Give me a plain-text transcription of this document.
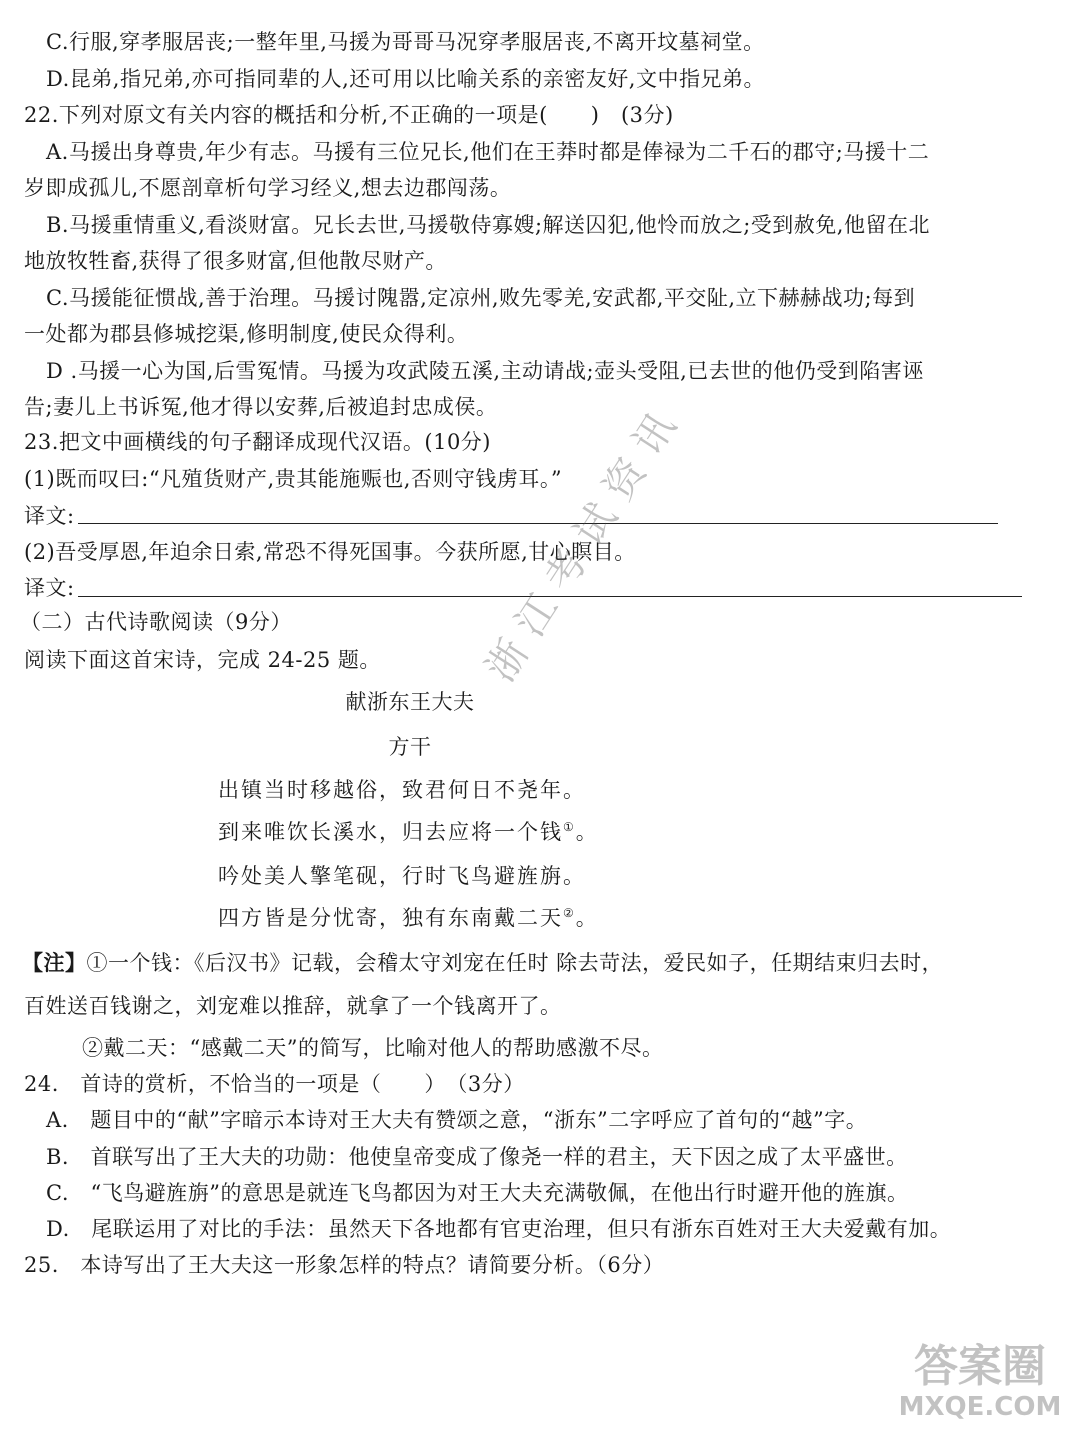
C.行服,穿孝服居丧;一整年里,马援为哥哥马况穿孝服居丧,不离开坟墓祠堂。
D.昆弟,指兄弟,亦可指同辈的人,还可用以比喻关系的亲密友好,文中指兄弟。
22.下列对原文有关内容的概括和分析,不正确的一项是(　　)　(3分)
A.马援出身尊贵,年少有志。马援有三位兄长,他们在王莽时都是俸禄为二千石的郡守;马援十二
岁即成孤儿,不愿剖章析句学习经义,想去边郡闯荡。
B.马援重情重义,看淡财富。兄长去世,马援敬侍寡嫂;解送囚犯,他怜而放之;受到赦免,他留在北
地放牧牲畜,获得了很多财富,但他散尽财产。
C.马援能征惯战,善于治理。马援讨隗嚣,定凉州,败先零羌,安武都,平交阯,立下赫赫战功;每到
一处都为郡县修城挖渠,修明制度,使民众得利。
D .马援一心为国,后雪冤情。马援为攻武陵五溪,主动请战;壶头受阻,已去世的他仍受到陷害诬
告;妻儿上书诉冤,他才得以安葬,后被追封忠成侯。
23.把文中画横线的句子翻译成现代汉语。(10分)
(1)既而叹曰:“凡殖货财产,贵其能施赈也,否则守钱虏耳。”
译文:
(2)吾受厚恩,年迫余日索,常恐不得死国事。今获所愿,甘心瞑目。
译文:
（二）古代诗歌阅读（9分）
阅读下面这首宋诗，完成 24-25 题。
献浙东王大夫
方干
出镇当时移越俗，致君何日不尧年。
到来唯饮长溪水，归去应将一个钱①。
吟处美人擎笔砚，行时飞鸟避旌旃。
四方皆是分忧寄，独有东南戴二天②。
【注】①一个钱：《后汉书》记载，会稽太守刘宠在任时 除去苛法，爱民如子，任期结束归去时，
百姓送百钱谢之，刘宠难以推辞，就拿了一个钱离开了。
②戴二天：“感戴二天”的简写，比喻对他人的帮助感激不尽。
24.　首诗的赏析，不恰当的一项是（　　）　（3分）
A.　题目中的“献”字暗示本诗对王大夫有赞颂之意，“浙东”二字呼应了首句的“越”字。
B.　首联写出了王大夫的功勋：他使皇帝变成了像尧一样的君主，天下因之成了太平盛世。
C.　“飞鸟避旌旃”的意思是就连飞鸟都因为对王大夫充满敬佩，在他出行时避开他的旌旗。
D.　尾联运用了对比的手法：虽然天下各地都有官吏治理，但只有浙东百姓对王大夫爱戴有加。
25.　本诗写出了王大夫这一形象怎样的特点？请简要分析。（6分）
浙江考试资讯
答案圈
MXQE.COM
